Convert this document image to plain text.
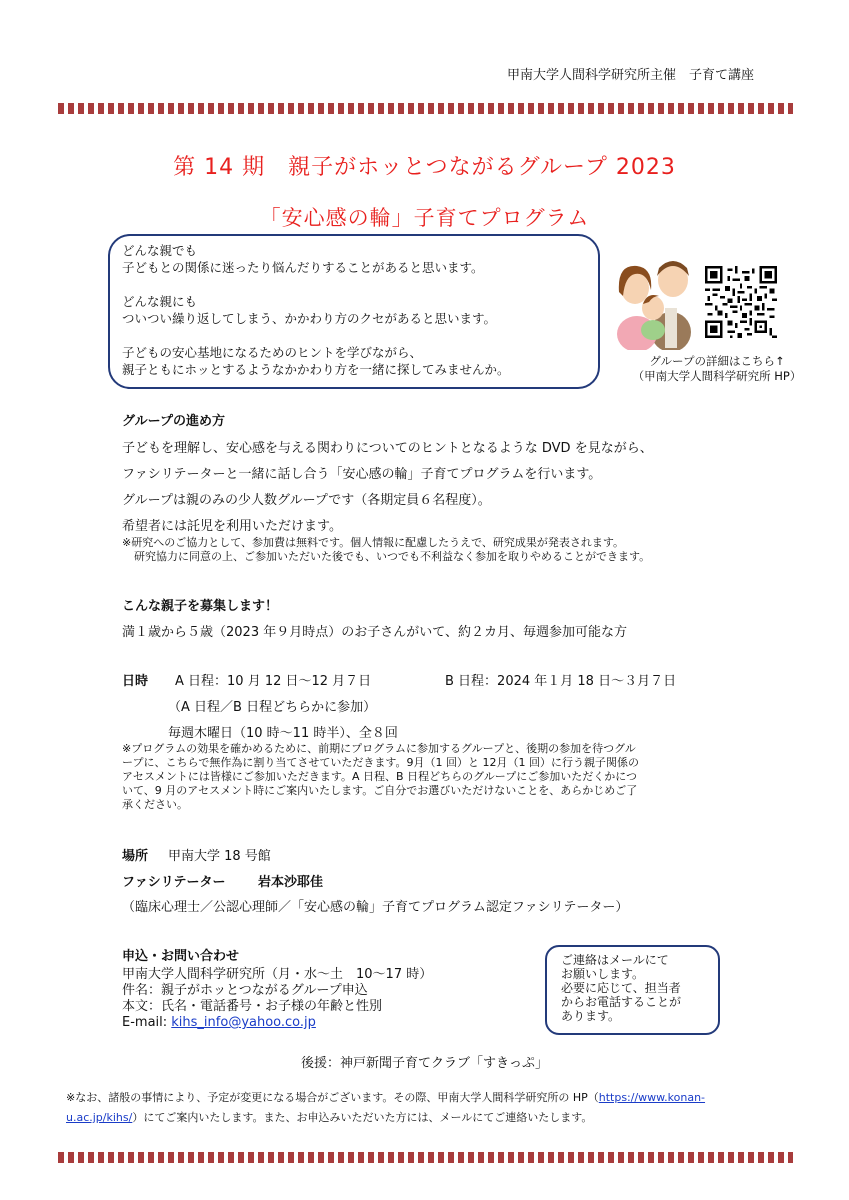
甲南大学人間科学研究所主催　子育て講座
第 14 期　親子がホッとつながるグループ 2023
「安心感の輪」子育てプログラム

どんな親でも
子どもとの関係に迷ったり悩んだりすることがあると思います。

どんな親にも
ついつい繰り返してしまう、かかわり方のクセがあると思います。

子どもの安心基地になるためのヒントを学びながら、
親子ともにホッとするようなかかわり方を一緒に探してみませんか。

グループの詳細はこちら↑
（甲南大学人間科学研究所 HP）
グループの進め方
子どもを理解し、安心感を与える関わりについてのヒントとなるような DVD を見ながら、
ファシリテーターと一緒に話し合う「安心感の輪」子育てプログラムを行います。
グループは親のみの少人数グループです（各期定員６名程度）。
希望者には託児を利用いただけます。
※研究へのご協力として、参加費は無料です。個人情報に配慮したうえで、研究成果が発表されます。
研究協力に同意の上、ご参加いただいた後でも、いつでも不利益なく参加を取りやめることができます。
こんな親子を募集します！
満１歳から５歳（2023 年９月時点）のお子さんがいて、約２カ月、毎週参加可能な方
日時 A 日程：10 月 12 日～12 月７日	B 日程：2024 年１月 18 日～３月７日
（A 日程／B 日程どちらかに参加）
毎週木曜日（10 時～11 時半）、全８回
※プログラムの効果を確かめるために、前期にプログラムに参加するグループと、後期の参加を待つグル
ープに、こちらで無作為に割り当てさせていただきます。9月（1 回）と 12月（1 回）に行う親子関係の
アセスメントには皆様にご参加いただきます。A 日程、B 日程どちらのグループにご参加いただくかにつ
いて、9 月のアセスメント時にご案内いたします。ご自分でお選びいただけないことを、あらかじめご了
承ください。
場所 甲南大学 18 号館
ファシリテーター	岩本沙耶佳
（臨床心理士／公認心理師／「安心感の輪」子育てプログラム認定ファシリテーター）
申込・お問い合わせ
甲南大学人間科学研究所（月・水～土　10～17 時）
件名：親子がホッとつながるグループ申込
本文：氏名・電話番号・お子様の年齢と性別
E-mail: kihs_info@yahoo.co.jp
ご連絡はメールにて
お願いします。
必要に応じて、担当者
からお電話することが
あります。
後援：神戸新聞子育てクラブ「すきっぷ」
※なお、諸般の事情により、予定が変更になる場合がございます。その際、甲南大学人間科学研究所の HP（https://www.konan-
u.ac.jp/kihs/）にてご案内いたします。また、お申込みいただいた方には、メールにてご連絡いたします。
